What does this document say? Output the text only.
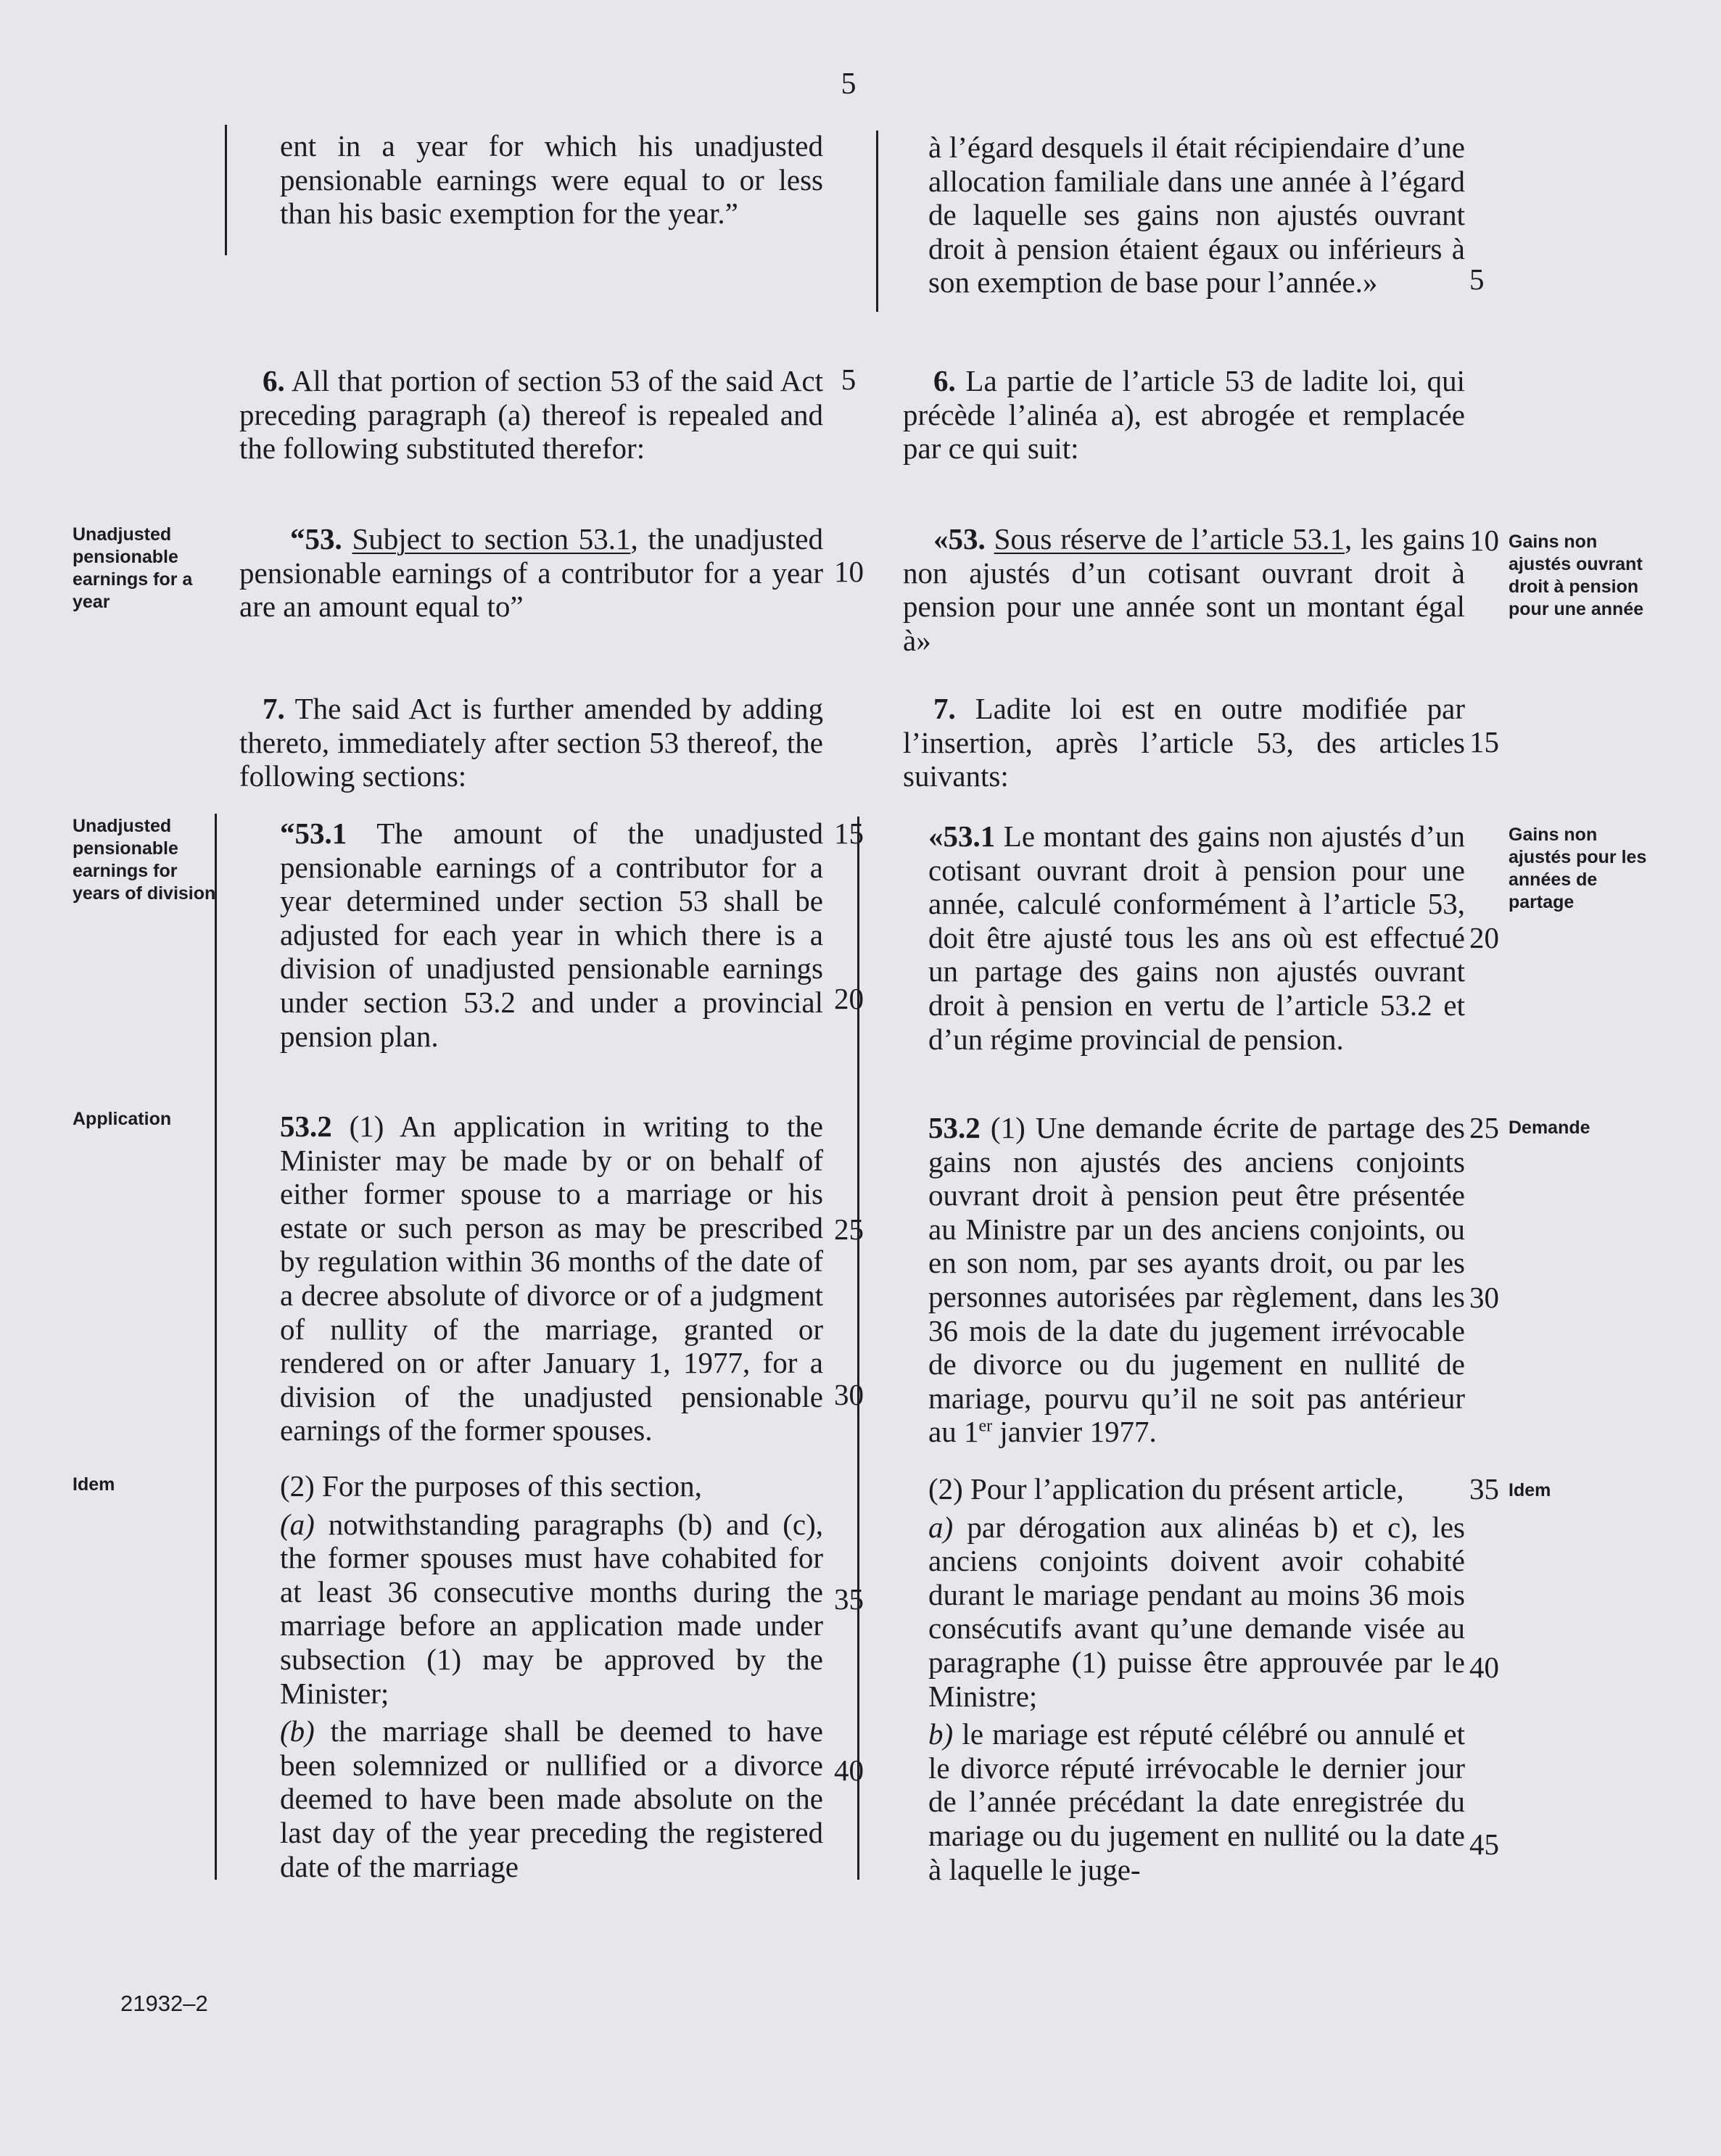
5
Unadjusted pensionable earnings for a year
Unadjusted pensionable earnings for years of division
Application
Idem
Gains non ajustés ouvrant droit à pension pour une année
Gains non ajustés pour les années de partage
Demande
Idem

ent in a year for which his unadjusted pensionable earnings were equal to or less than his basic exemption for the year.”

6. All that portion of section 53 of the said Act preceding paragraph (a) thereof is repealed and the following substituted therefor:
“53. Subject to section 53.1, the unadjusted pensionable earnings of a contributor for a year are an amount equal to”
7. The said Act is further amended by adding thereto, immediately after section 53 thereof, the following sections:
“53.1 The amount of the unadjusted pensionable earnings of a contributor for a year determined under section 53 shall be adjusted for each year in which there is a division of unadjusted pensionable earnings under section 53.2 and under a provincial pension plan.
53.2 (1) An application in writing to the Minister may be made by or on behalf of either former spouse to a marriage or his estate or such person as may be prescribed by regulation within 36 months of the date of a decree absolute of divorce or of a judgment of nullity of the marriage, granted or rendered on or after January 1, 1977, for a division of the unadjusted pensionable earnings of the former spouses.

(2) For the purposes of this section,

(a) notwithstanding paragraphs (b) and (c), the former spouses must have cohabited for at least 36 consecutive months during the marriage before an application made under subsection (1) may be approved by the Minister;

(b) the marriage shall be deemed to have been solemnized or nullified or a divorce deemed to have been made absolute on the last day of the year preceding the registered date of the marriage

5
10
15
20
25
30
35
40

à l’égard desquels il était récipiendaire d’une allocation familiale dans une année à l’égard de laquelle ses gains non ajustés ouvrant droit à pension étaient égaux ou inférieurs à son exemption de base pour l’année.»

6. La partie de l’article 53 de ladite loi, qui précède l’alinéa a), est abrogée et remplacée par ce qui suit:
«53. Sous réserve de l’article 53.1, les gains non ajustés d’un cotisant ouvrant droit à pension pour une année sont un montant égal à»
7. Ladite loi est en outre modifiée par l’insertion, après l’article 53, des articles suivants:
«53.1 Le montant des gains non ajustés d’un cotisant ouvrant droit à pension pour une année, calculé conformément à l’article 53, doit être ajusté tous les ans où est effectué un partage des gains non ajustés ouvrant droit à pension en vertu de l’article 53.2 et d’un régime provincial de pension.
53.2 (1) Une demande écrite de partage des gains non ajustés des anciens conjoints ouvrant droit à pension peut être présentée au Ministre par un des anciens conjoints, ou en son nom, par ses ayants droit, ou par les personnes autorisées par règlement, dans les 36 mois de la date du jugement irrévocable de divorce ou du jugement en nullité de mariage, pourvu qu’il ne soit pas antérieur au 1er janvier 1977.

(2) Pour l’application du présent article,

a) par dérogation aux alinéas b) et c), les anciens conjoints doivent avoir cohabité durant le mariage pendant au moins 36 mois consécutifs avant qu’une demande visée au paragraphe (1) puisse être approuvée par le Ministre;

b) le mariage est réputé célébré ou annulé et le divorce réputé irrévocable le dernier jour de l’année précédant la date enregistrée du mariage ou du jugement en nullité ou la date à laquelle le juge-

5
10
15
20
25
30
35
40
45
21932–2
